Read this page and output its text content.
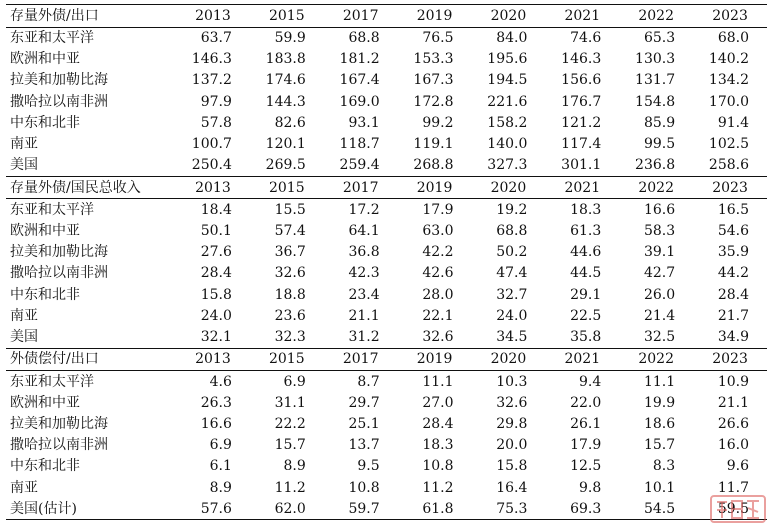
存量外债/出口	2013	2015	2017	2019	2020	2021	2022	2023
东亚和太平洋	63.7	59.9	68.8	76.5	84.0	74.6	65.3	68.0
欧洲和中亚	146.3	183.8	181.2	153.3	195.6	146.3	130.3	140.2
拉美和加勒比海	137.2	174.6	167.4	167.3	194.5	156.6	131.7	134.2
撒哈拉以南非洲	97.9	144.3	169.0	172.8	221.6	176.7	154.8	170.0
中东和北非	57.8	82.6	93.1	99.2	158.2	121.2	85.9	91.4
南亚	100.7	120.1	118.7	119.1	140.0	117.4	99.5	102.5
美国	250.4	269.5	259.4	268.8	327.3	301.1	236.8	258.6
存量外债/国民总收入	2013	2015	2017	2019	2020	2021	2022	2023
东亚和太平洋	18.4	15.5	17.2	17.9	19.2	18.3	16.6	16.5
欧洲和中亚	50.1	57.4	64.1	63.0	68.8	61.3	58.3	54.6
拉美和加勒比海	27.6	36.7	36.8	42.2	50.2	44.6	39.1	35.9
撒哈拉以南非洲	28.4	32.6	42.3	42.6	47.4	44.5	42.7	44.2
中东和北非	15.8	18.8	23.4	28.0	32.7	29.1	26.0	28.4
南亚	24.0	23.6	21.1	22.1	24.0	22.5	21.4	21.7
美国	32.1	32.3	31.2	32.6	34.5	35.8	32.5	34.9
外债偿付/出口	2013	2015	2017	2019	2020	2021	2022	2023
东亚和太平洋	4.6	6.9	8.7	11.1	10.3	9.4	11.1	10.9
欧洲和中亚	26.3	31.1	29.7	27.0	32.6	22.0	19.9	21.1
拉美和加勒比海	16.6	22.2	25.1	28.4	29.8	26.1	18.6	26.6
撒哈拉以南非洲	6.9	15.7	13.7	18.3	20.0	17.9	15.7	16.0
中东和北非	6.1	8.9	9.5	10.8	15.8	12.5	8.3	9.6
南亚	8.9	11.2	10.8	11.2	16.4	9.8	10.1	11.7
美国(估计)	57.6	62.0	59.7	61.8	75.3	69.3	54.5	59.5
